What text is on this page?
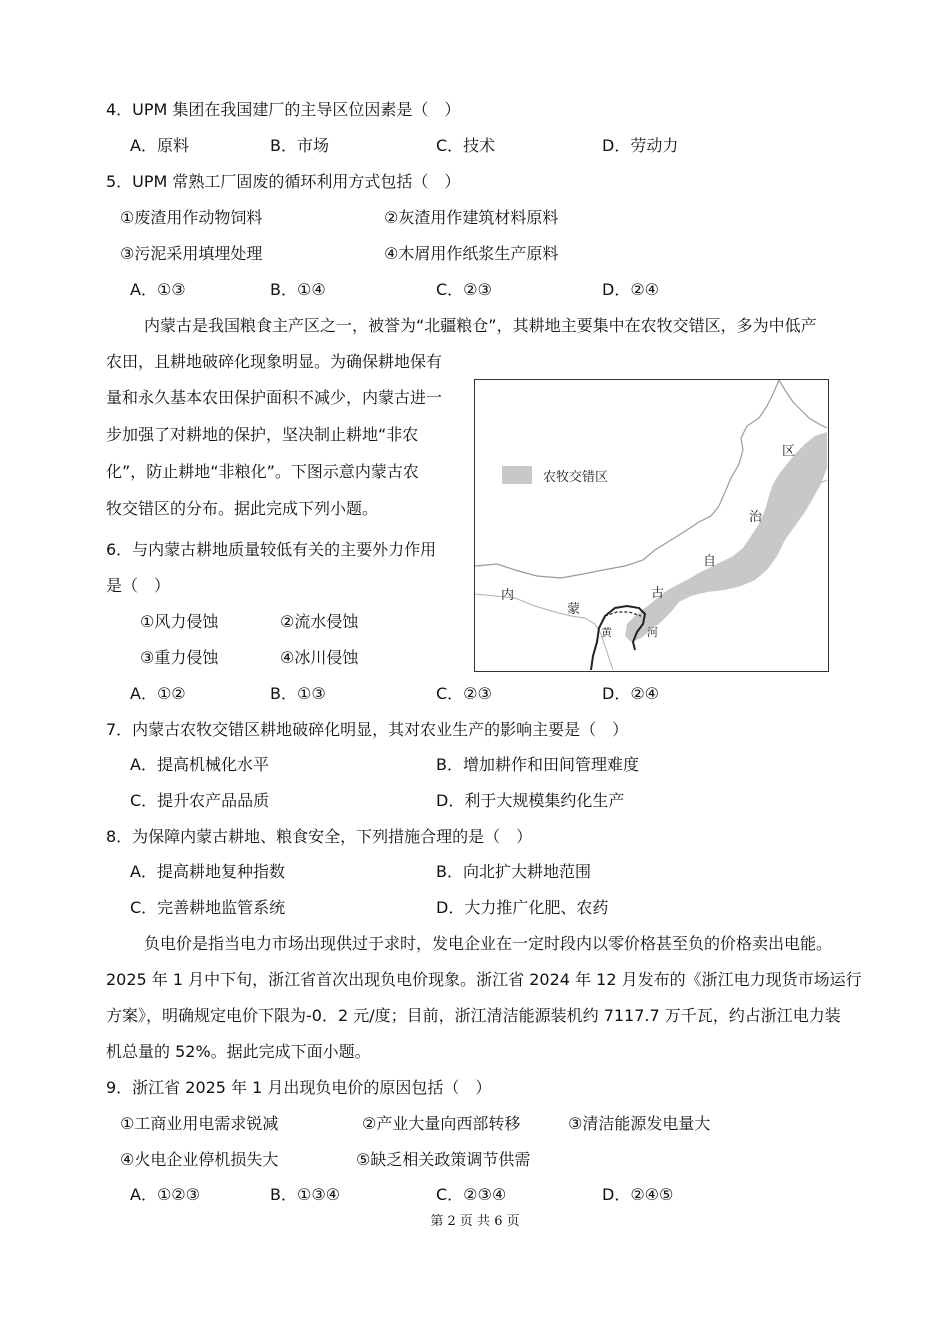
4．UPM 集团在我国建厂的主导区位因素是（　）
A．原料	B．市场	C．技术	D．劳动力
5．UPM 常熟工厂固废的循环利用方式包括（　）
①废渣用作动物饲料	②灰渣用作建筑材料原料
③污泥采用填埋处理	④木屑用作纸浆生产原料
A．①③	B．①④	C．②③	D．②④
内蒙古是我国粮食主产区之一，被誉为“北疆粮仓”，其耕地主要集中在农牧交错区，多为中低产
农田，且耕地破碎化现象明显。为确保耕地保有
量和永久基本农田保护面积不减少，内蒙古进一
步加强了对耕地的保护，坚决制止耕地“非农
化”，防止耕地“非粮化”。下图示意内蒙古农
牧交错区的分布。据此完成下列小题。
农牧交错区
区
治
自
古
蒙
内
黄	河
6．与内蒙古耕地质量较低有关的主要外力作用
是（　）
①风力侵蚀	②流水侵蚀
③重力侵蚀	④冰川侵蚀
A．①②	B．①③	C．②③	D．②④
7．内蒙古农牧交错区耕地破碎化明显，其对农业生产的影响主要是（　）
A．提高机械化水平	B．增加耕作和田间管理难度
C．提升农产品品质	D．利于大规模集约化生产
8．为保障内蒙古耕地、粮食安全，下列措施合理的是（　）
A．提高耕地复种指数	B．向北扩大耕地范围
C．完善耕地监管系统	D．大力推广化肥、农药
负电价是指当电力市场出现供过于求时，发电企业在一定时段内以零价格甚至负的价格卖出电能。
2025 年 1 月中下旬，浙江省首次出现负电价现象。浙江省 2024 年 12 月发布的《浙江电力现货市场运行
方案》，明确规定电价下限为-0．2 元/度；目前，浙江清洁能源装机约 7117.7 万千瓦，约占浙江电力装
机总量的 52%。据此完成下面小题。
9．浙江省 2025 年 1 月出现负电价的原因包括（　）
①工商业用电需求锐减	②产业大量向西部转移	③清洁能源发电量大
④火电企业停机损失大	⑤缺乏相关政策调节供需
A．①②③	B．①③④	C．②③④	D．②④⑤
第 2 页 共 6 页
